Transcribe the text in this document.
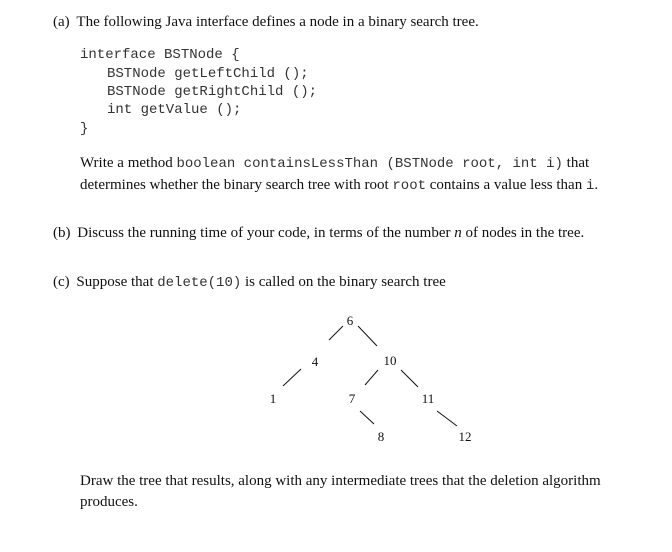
(a) The following Java interface defines a node in a binary search tree.
interface BSTNode {
BSTNode getLeftChild ();
BSTNode getRightChild ();
int getValue ();
}
Write a method boolean containsLessThan (BSTNode root, int i) that determines whether the binary search tree with root root contains a value less than i.
(b) Discuss the running time of your code, in terms of the number n of nodes in the tree.
(c) Suppose that delete(10) is called on the binary search tree
6
4	10
1	7	11
8	12
Draw the tree that results, along with any intermediate trees that the deletion algorithm produces.
